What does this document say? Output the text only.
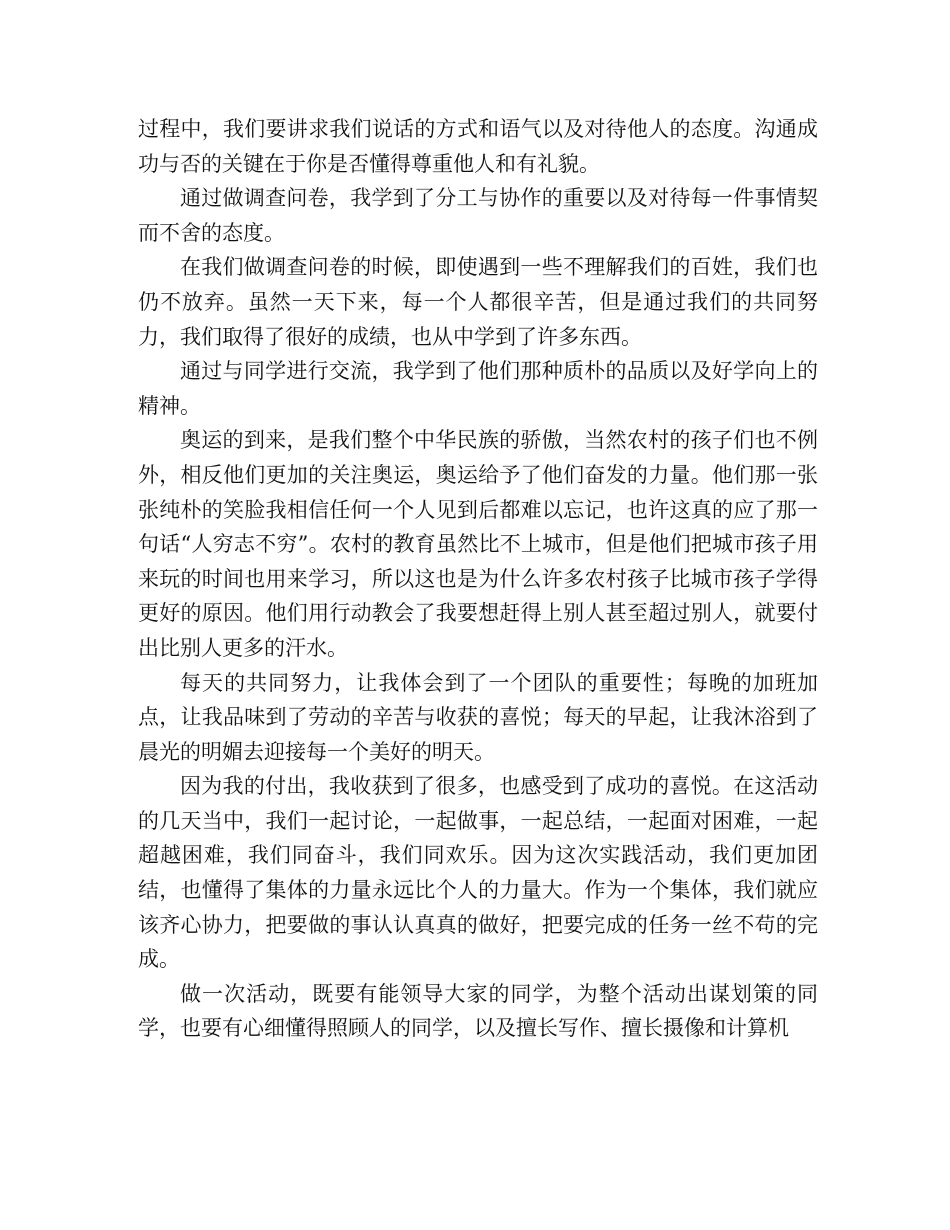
过程中，我们要讲求我们说话的方式和语气以及对待他人的态度。沟通成功与否的关键在于你是否懂得尊重他人和有礼貌。

通过做调查问卷，我学到了分工与协作的重要以及对待每一件事情契而不舍的态度。

在我们做调查问卷的时候，即使遇到一些不理解我们的百姓，我们也仍不放弃。虽然一天下来，每一个人都很辛苦，但是通过我们的共同努力，我们取得了很好的成绩，也从中学到了许多东西。

通过与同学进行交流，我学到了他们那种质朴的品质以及好学向上的精神。

奥运的到来，是我们整个中华民族的骄傲，当然农村的孩子们也不例外，相反他们更加的关注奥运，奥运给予了他们奋发的力量。他们那一张张纯朴的笑脸我相信任何一个人见到后都难以忘记，也许这真的应了那一句话“人穷志不穷”。农村的教育虽然比不上城市，但是他们把城市孩子用来玩的时间也用来学习，所以这也是为什么许多农村孩子比城市孩子学得更好的原因。他们用行动教会了我要想赶得上别人甚至超过别人，就要付出比别人更多的汗水。

每天的共同努力，让我体会到了一个团队的重要性；每晚的加班加点，让我品味到了劳动的辛苦与收获的喜悦；每天的早起，让我沐浴到了晨光的明媚去迎接每一个美好的明天。

因为我的付出，我收获到了很多，也感受到了成功的喜悦。在这活动的几天当中，我们一起讨论，一起做事，一起总结，一起面对困难，一起超越困难，我们同奋斗，我们同欢乐。因为这次实践活动，我们更加团结，也懂得了集体的力量永远比个人的力量大。作为一个集体，我们就应该齐心协力，把要做的事认认真真的做好，把要完成的任务一丝不苟的完成。

做一次活动，既要有能领导大家的同学，为整个活动出谋划策的同学，也要有心细懂得照顾人的同学，以及擅长写作、擅长摄像和计算机
